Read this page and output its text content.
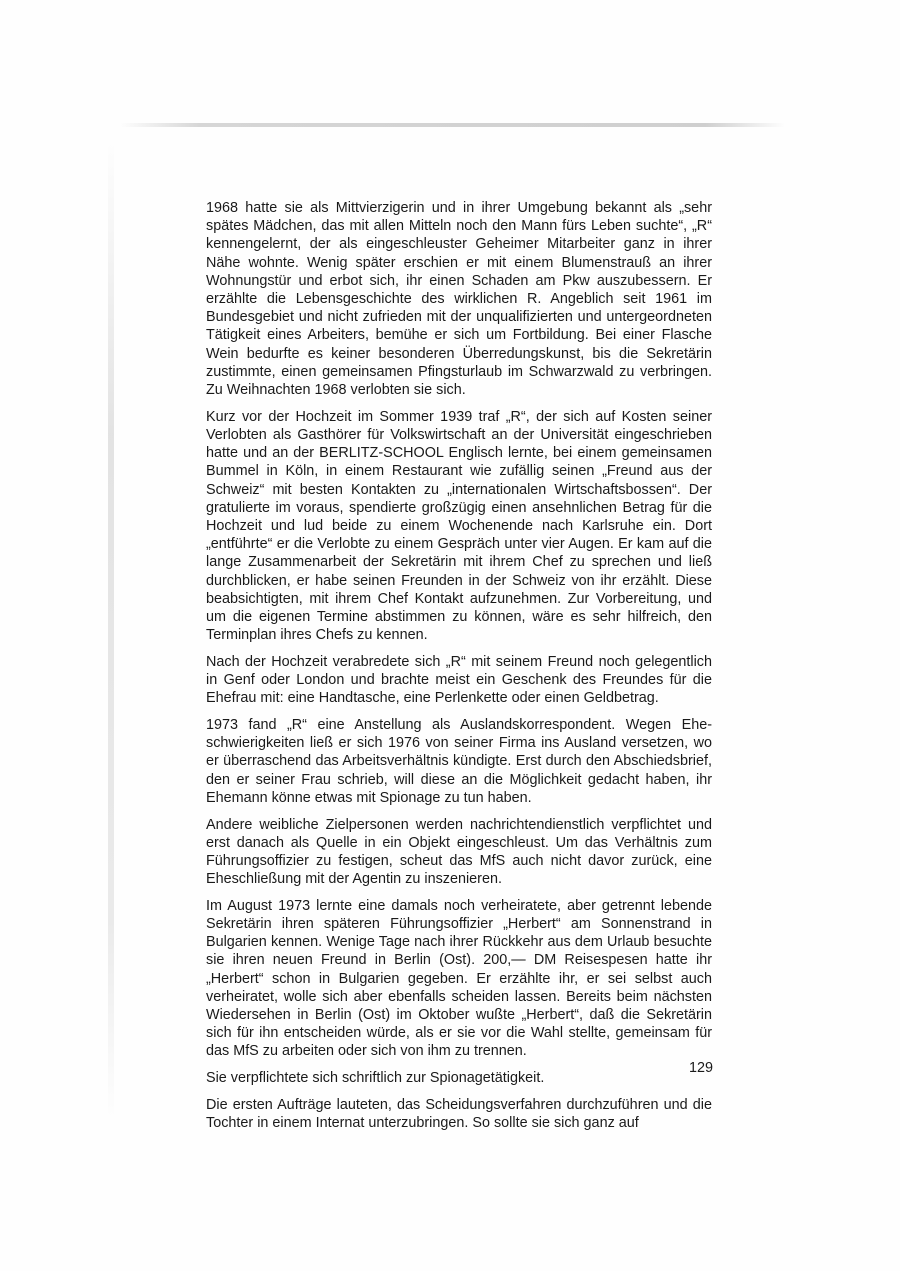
1968 hatte sie als Mittvierzigerin und in ihrer Umgebung bekannt als „sehr spätes Mädchen, das mit allen Mitteln noch den Mann fürs Leben suchte“, „R“ kennengelernt, der als eingeschleuster Geheimer Mitarbeiter ganz in ihrer Nähe wohnte. Wenig später erschien er mit einem Blumenstrauß an ihrer Wohnungstür und erbot sich, ihr einen Schaden am Pkw auszubessern. Er erzählte die Lebensgeschichte des wirklichen R. Angeblich seit 1961 im Bundesgebiet und nicht zufrieden mit der unqualifizierten und untergeordneten Tätigkeit eines Arbeiters, bemühe er sich um Fortbildung. Bei einer Flasche Wein bedurfte es keiner besonderen Überredungskunst, bis die Sekretärin zustimmte, einen gemeinsamen Pfingsturlaub im Schwarzwald zu verbringen. Zu Weihnachten 1968 verlobten sie sich.

Kurz vor der Hochzeit im Sommer 1939 traf „R“, der sich auf Kosten seiner Verlobten als Gasthörer für Volkswirtschaft an der Universität eingeschrieben hatte und an der BERLITZ-SCHOOL Englisch lernte, bei einem gemeinsamen Bummel in Köln, in einem Restaurant wie zufällig seinen „Freund aus der Schweiz“ mit besten Kontakten zu „internationalen Wirtschaftsbossen“. Der gratulierte im voraus, spendierte großzügig einen ansehnlichen Betrag für die Hochzeit und lud beide zu einem Wochenende nach Karlsruhe ein. Dort „entführte“ er die Verlobte zu einem Gespräch unter vier Augen. Er kam auf die lange Zusammenarbeit der Sekretärin mit ihrem Chef zu sprechen und ließ durchblicken, er habe seinen Freunden in der Schweiz von ihr erzählt. Diese beabsichtigten, mit ihrem Chef Kontakt aufzunehmen. Zur Vorbereitung, und um die eigenen Termine abstimmen zu können, wäre es sehr hilfreich, den Terminplan ihres Chefs zu kennen.

Nach der Hochzeit verabredete sich „R“ mit seinem Freund noch gelegentlich in Genf oder London und brachte meist ein Geschenk des Freundes für die Ehefrau mit: eine Handtasche, eine Perlenkette oder einen Geldbetrag.

1973 fand „R“ eine Anstellung als Auslandskorrespondent. Wegen Eheschwierigkeiten ließ er sich 1976 von seiner Firma ins Ausland versetzen, wo er überraschend das Arbeitsverhältnis kündigte. Erst durch den Abschiedsbrief, den er seiner Frau schrieb, will diese an die Möglichkeit gedacht haben, ihr Ehemann könne etwas mit Spionage zu tun haben.

Andere weibliche Zielpersonen werden nachrichtendienstlich verpflichtet und erst danach als Quelle in ein Objekt eingeschleust. Um das Verhältnis zum Führungsoffizier zu festigen, scheut das MfS auch nicht davor zurück, eine Eheschließung mit der Agentin zu inszenieren.

Im August 1973 lernte eine damals noch verheiratete, aber getrennt lebende Sekretärin ihren späteren Führungsoffizier „Herbert“ am Sonnenstrand in Bulgarien kennen. Wenige Tage nach ihrer Rückkehr aus dem Urlaub besuchte sie ihren neuen Freund in Berlin (Ost). 200,— DM Reisespesen hatte ihr „Herbert“ schon in Bulgarien gegeben. Er erzählte ihr, er sei selbst auch verheiratet, wolle sich aber ebenfalls scheiden lassen. Bereits beim nächsten Wiedersehen in Berlin (Ost) im Oktober wußte „Herbert“, daß die Sekretärin sich für ihn entscheiden würde, als er sie vor die Wahl stellte, gemeinsam für das MfS zu arbeiten oder sich von ihm zu trennen.

Sie verpflichtete sich schriftlich zur Spionagetätigkeit.

Die ersten Aufträge lauteten, das Scheidungsverfahren durchzuführen und die Tochter in einem Internat unterzubringen. So sollte sie sich ganz auf

129
